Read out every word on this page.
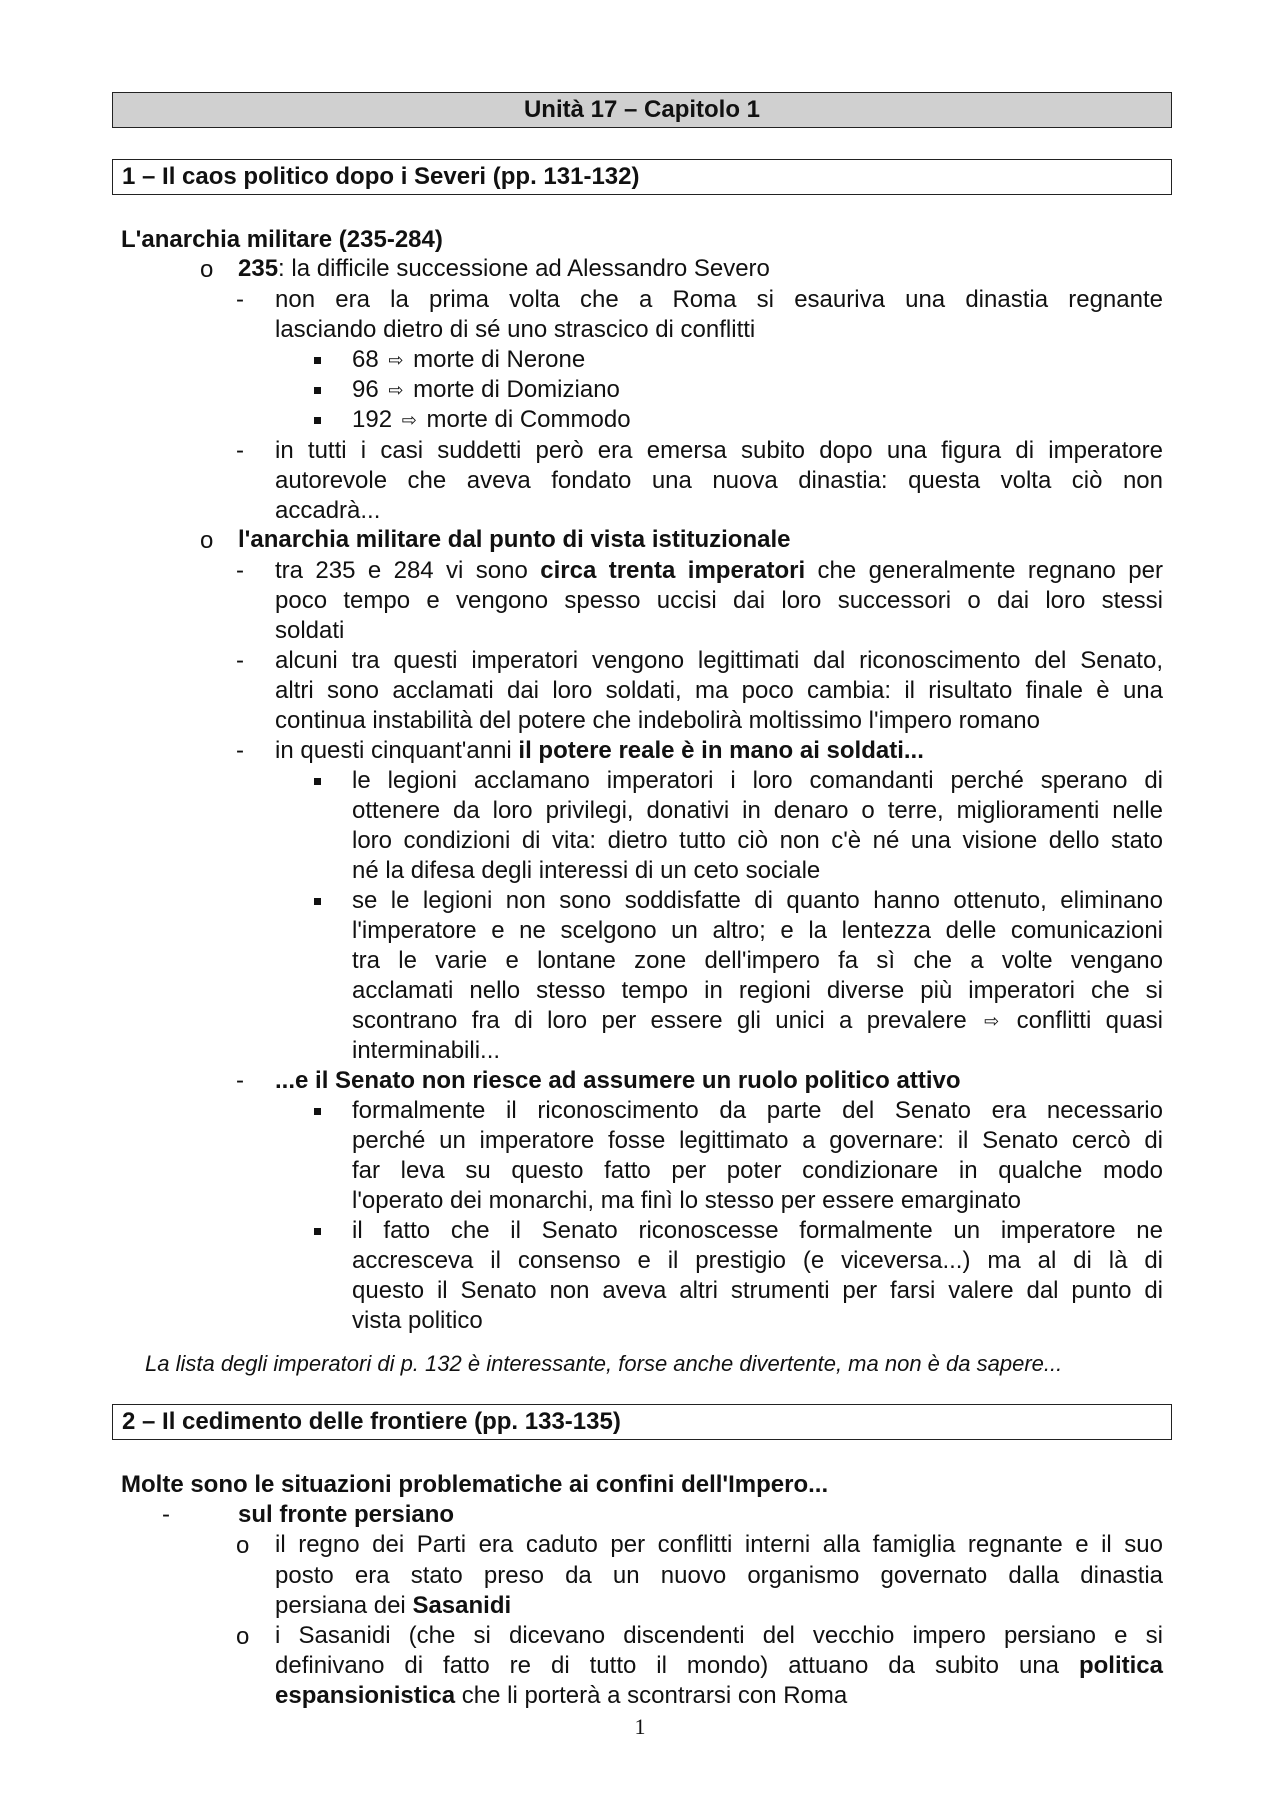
Unità 17 – Capitolo 1
1 – Il caos politico dopo i Severi (pp. 131-132)
L'anarchia militare (235-284)
o 235: la difficile successione ad Alessandro Severo
- non era la prima volta che a Roma si esauriva una dinastia regnante
lasciando dietro di sé uno strascico di conflitti
68 ⇨ morte di Nerone
96 ⇨ morte di Domiziano
192 ⇨ morte di Commodo
- in tutti i casi suddetti però era emersa subito dopo una figura di imperatore
autorevole che aveva fondato una nuova dinastia: questa volta ciò non
accadrà...
o l'anarchia militare dal punto di vista istituzionale
- tra 235 e 284 vi sono circa trenta imperatori che generalmente regnano per
poco tempo e vengono spesso uccisi dai loro successori o dai loro stessi
soldati
- alcuni tra questi imperatori vengono legittimati dal riconoscimento del Senato,
altri sono acclamati dai loro soldati, ma poco cambia: il risultato finale è una
continua instabilità del potere che indebolirà moltissimo l'impero romano
- in questi cinquant'anni il potere reale è in mano ai soldati...
le legioni acclamano imperatori i loro comandanti perché sperano di
ottenere da loro privilegi, donativi in denaro o terre, miglioramenti nelle
loro condizioni di vita: dietro tutto ciò non c'è né una visione dello stato
né la difesa degli interessi di un ceto sociale
se le legioni non sono soddisfatte di quanto hanno ottenuto, eliminano
l'imperatore e ne scelgono un altro; e la lentezza delle comunicazioni
tra le varie e lontane zone dell'impero fa sì che a volte vengano
acclamati nello stesso tempo in regioni diverse più imperatori che si
scontrano fra di loro per essere gli unici a prevalere ⇨ conflitti quasi
interminabili...
- ...e il Senato non riesce ad assumere un ruolo politico attivo
formalmente il riconoscimento da parte del Senato era necessario
perché un imperatore fosse legittimato a governare: il Senato cercò di
far leva su questo fatto per poter condizionare in qualche modo
l'operato dei monarchi, ma finì lo stesso per essere emarginato
il fatto che il Senato riconoscesse formalmente un imperatore ne
accresceva il consenso e il prestigio (e viceversa...) ma al di là di
questo il Senato non aveva altri strumenti per farsi valere dal punto di
vista politico
La lista degli imperatori di p. 132 è interessante, forse anche divertente, ma non è da sapere...
2 – Il cedimento delle frontiere (pp. 133-135)
Molte sono le situazioni problematiche ai confini dell'Impero...
-	sul fronte persiano
o il regno dei Parti era caduto per conflitti interni alla famiglia regnante e il suo
posto era stato preso da un nuovo organismo governato dalla dinastia
persiana dei Sasanidi
o i Sasanidi (che si dicevano discendenti del vecchio impero persiano e si
definivano di fatto re di tutto il mondo) attuano da subito una politica
espansionistica che li porterà a scontrarsi con Roma
1
